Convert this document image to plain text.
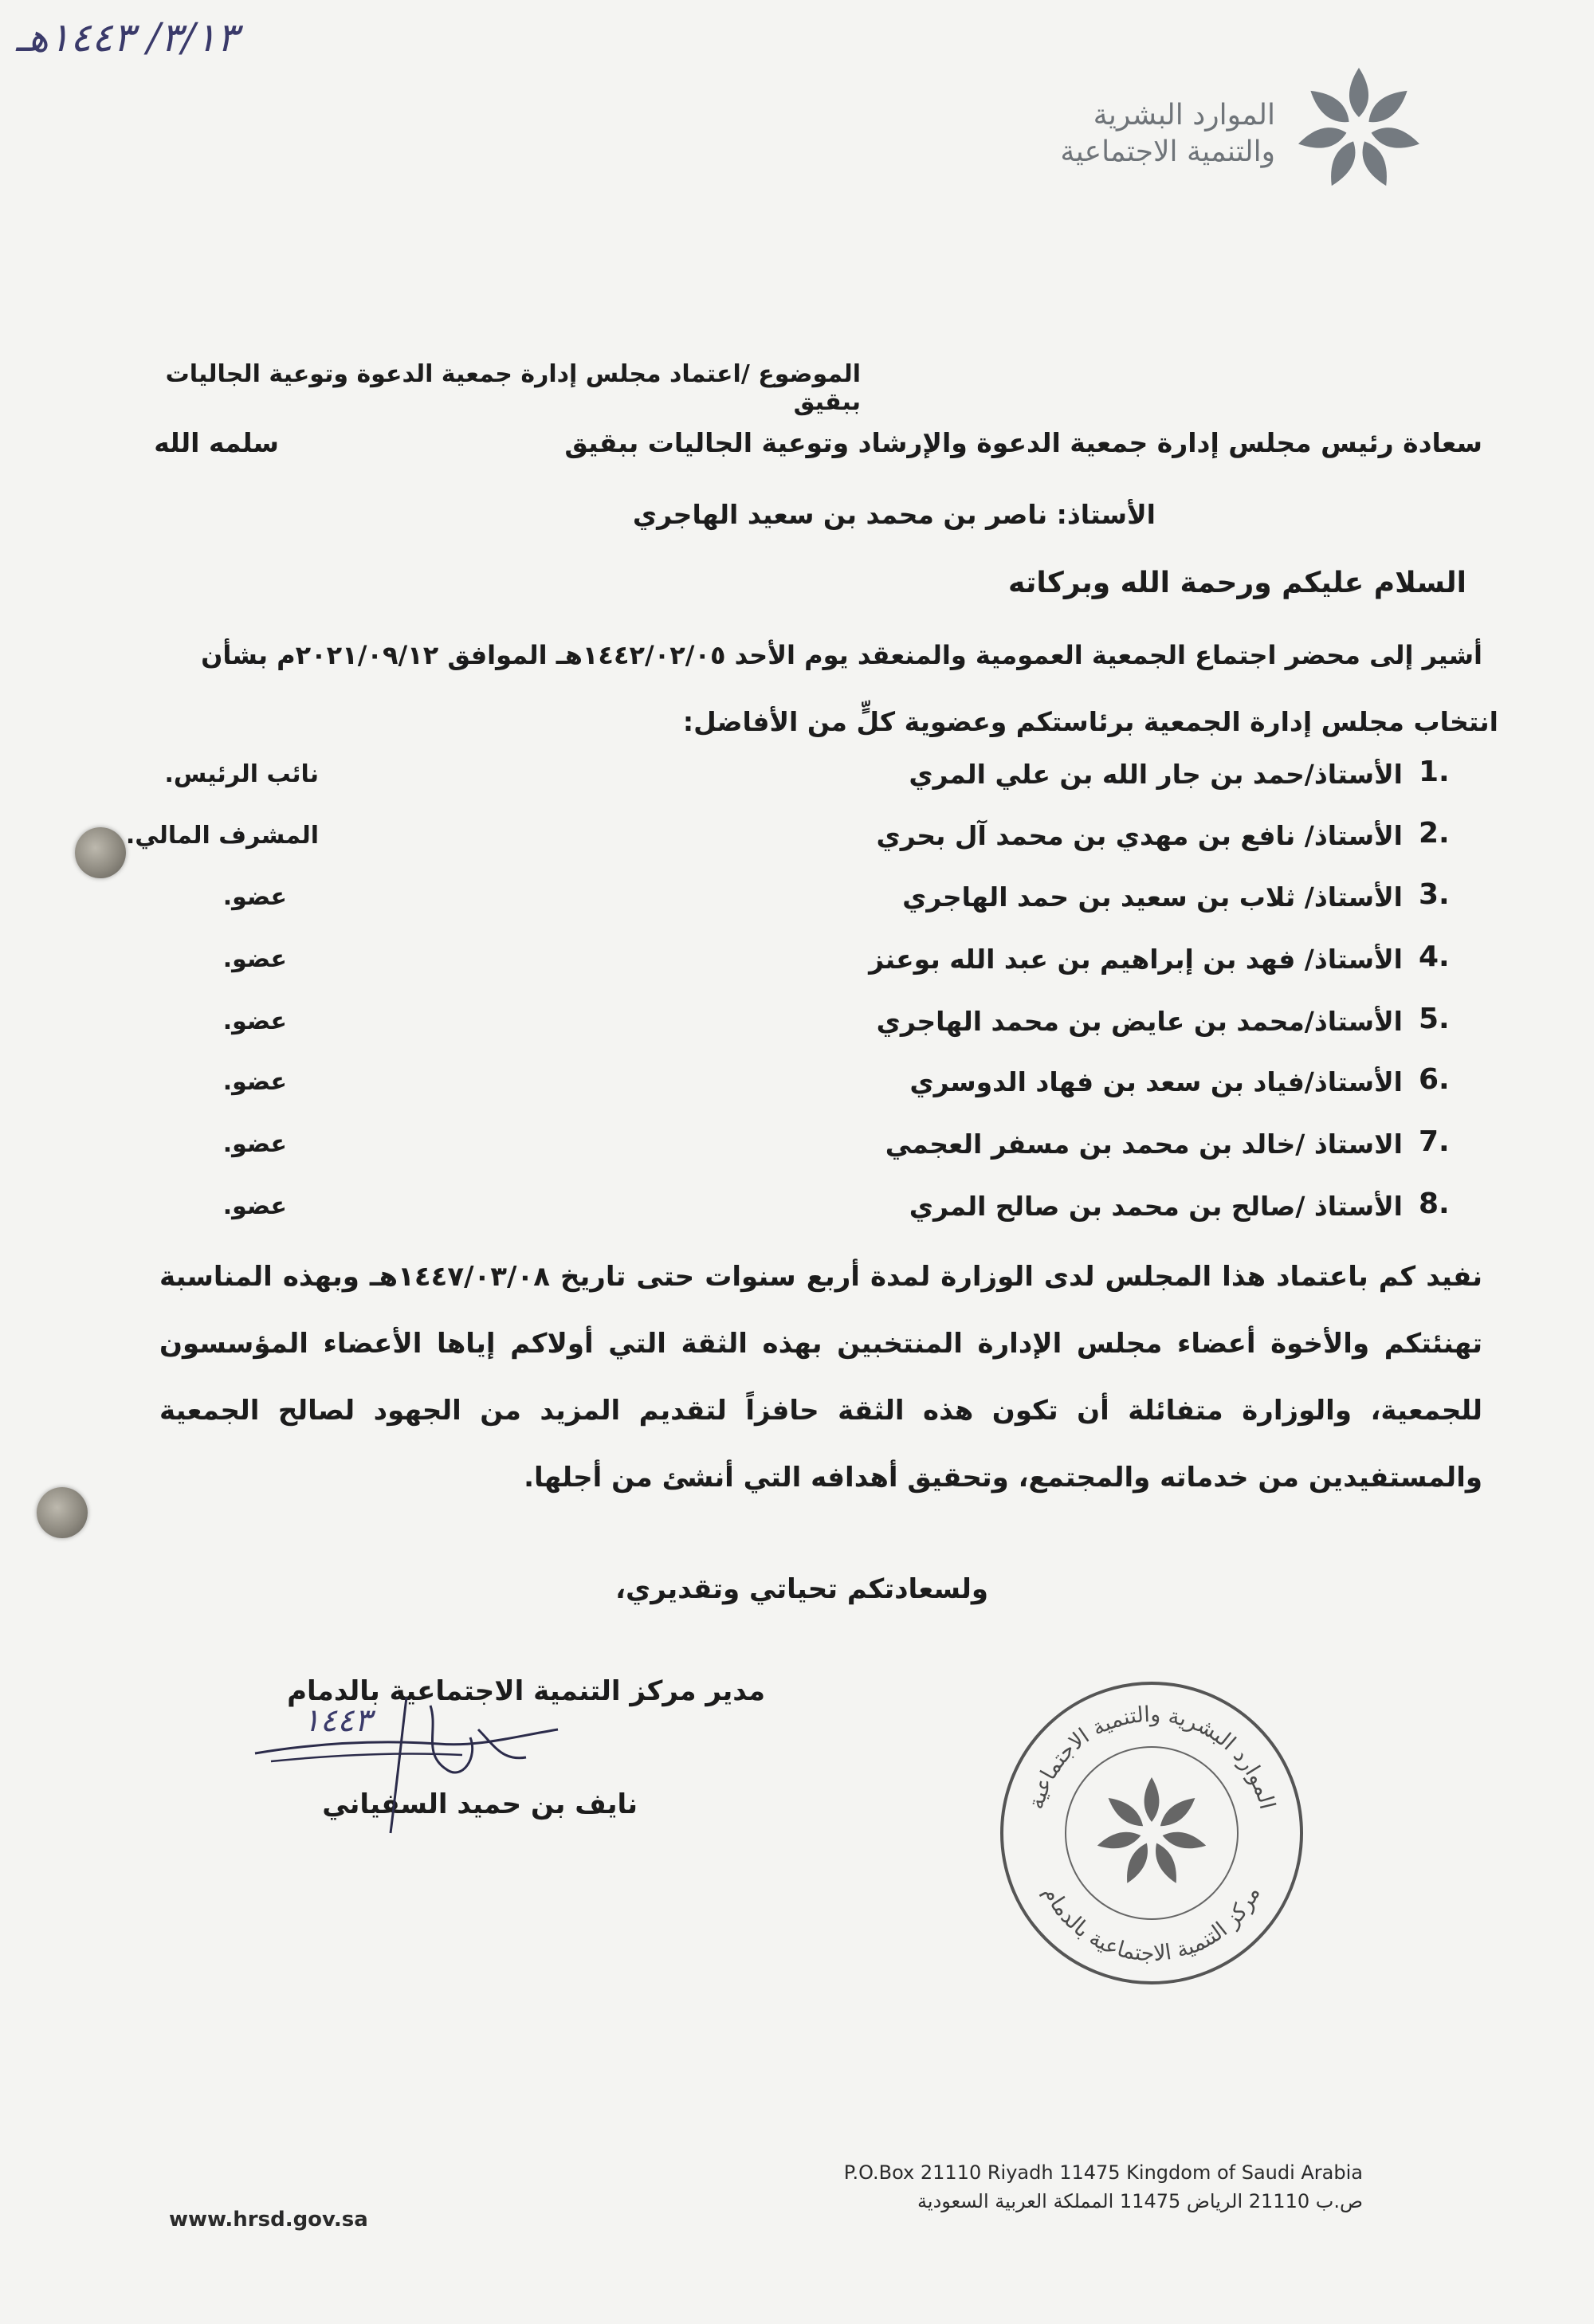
٣/١٣/ ١٤٤٣هـ
الموارد البشرية
والتنمية الاجتماعية
الموضوع /اعتماد مجلس إدارة جمعية الدعوة وتوعية الجاليات ببقيق
سعادة رئيس مجلس إدارة جمعية الدعوة والإرشاد وتوعية الجاليات ببقيق
سلمه الله
الأستاذ: ناصر بن محمد بن سعيد الهاجري
السلام عليكم ورحمة الله وبركاته
أشير إلى محضر اجتماع الجمعية العمومية والمنعقد يوم الأحد ١٤٤٢/٠٢/٠٥هـ الموافق ٢٠٢١/٠٩/١٢م بشأن
انتخاب مجلس إدارة الجمعية برئاستكم وعضوية كلٍّ من الأفاضل:
1.
الأستاذ/حمد بن جار الله بن علي المري
نائب الرئيس.
2.
الأستاذ/ نافع بن مهدي بن محمد آل بحري
المشرف المالي.
3.
الأستاذ/ ثلاب بن سعيد بن حمد الهاجري
عضو.
4.
الأستاذ/ فهد بن إبراهيم بن عبد الله بوعنز
عضو.
5.
الأستاذ/محمد بن عايض بن محمد الهاجري
عضو.
6.
الأستاذ/فياد بن سعد بن فهاد الدوسري
عضو.
7.
الاستاذ /خالد بن محمد بن مسفر العجمي
عضو.
8.
الأستاذ /صالح بن محمد بن صالح المري
عضو.
نفيد كم باعتماد هذا المجلس لدى الوزارة لمدة أربع سنوات حتى تاريخ ١٤٤٧/٠٣/٠٨هـ وبهذه المناسبة تهنئتكم والأخوة أعضاء مجلس الإدارة المنتخبين بهذه الثقة التي أولاكم إياها الأعضاء المؤسسون للجمعية، والوزارة متفائلة أن تكون هذه الثقة حافزاً لتقديم المزيد من الجهود لصالح الجمعية والمستفيدين من خدماته والمجتمع، وتحقيق أهدافه التي أنشئ من أجلها.
ولسعادتكم تحياتي وتقديري،
مدير مركز التنمية الاجتماعية بالدمام
نايف بن حميد السفياني
١٤٤٣
الموارد البشرية والتنمية الاجتماعية
مركز التنمية الاجتماعية بالدمام
P.O.Box 21110 Riyadh 11475 Kingdom of Saudi Arabia
ص.ب 21110 الرياض 11475 المملكة العربية السعودية
www.hrsd.gov.sa
